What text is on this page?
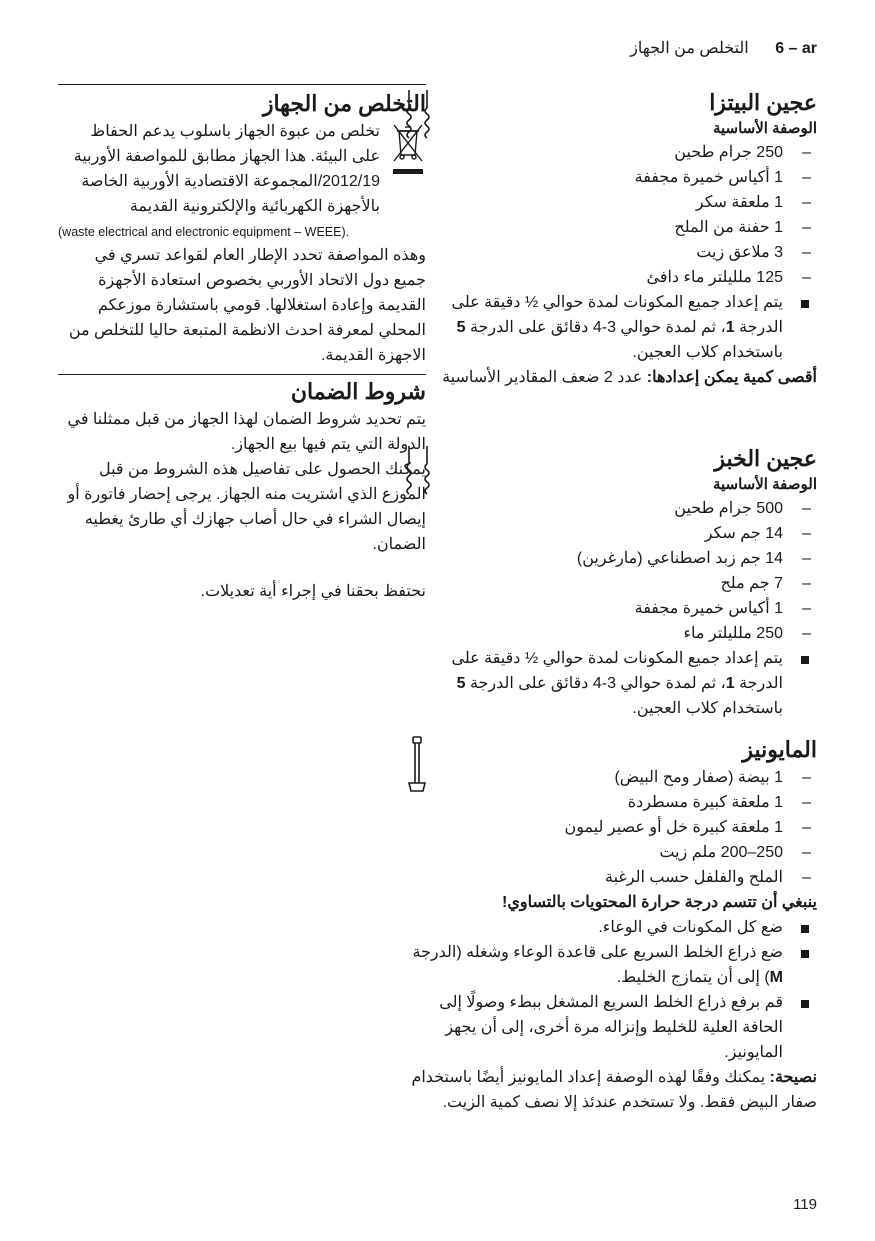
6 – ar التخلص من الجهاز
عجين البيتزا
الوصفة الأساسية
– 250 جرام طحين
– 1 أكياس خميرة مجففة
– 1 ملعقة سكر
– 1 حفنة من الملح
– 3 ملاعق زيت
– 125 ملليلتر ماء دافئ
يتم إعداد جميع المكونات لمدة حوالي ½ دقيقة على الدرجة 1، ثم لمدة حوالي 3-4 دقائق على الدرجة 5 باستخدام كلاب العجين.
أقصى كمية يمكن إعدادها: عدد 2 ضعف المقادير الأساسية
عجين الخبز
الوصفة الأساسية
– 500 جرام طحين
– 14 جم سكر
– 14 جم زبد اصطناعي (مارغرين)
– 7 جم ملح
– 1 أكياس خميرة مجففة
– 250 ملليلتر ماء
يتم إعداد جميع المكونات لمدة حوالي ½ دقيقة على الدرجة 1، ثم لمدة حوالي 3-4 دقائق على الدرجة 5 باستخدام كلاب العجين.
المايونيز
– 1 بيضة (صفار ومح البيض)
– 1 ملعقة كبيرة مسطردة
– 1 ملعقة كبيرة خل أو عصير ليمون
– 250–200 ملم زيت
– الملح والفلفل حسب الرغبة
ينبغي أن تتسم درجة حرارة المحتويات بالتساوي!
ضع كل المكونات في الوعاء.
ضع ذراع الخلط السريع على قاعدة الوعاء وشغله (الدرجة M) إلى أن يتمازج الخليط.
قم برفع ذراع الخلط السريع المشغل ببطء وصولًا إلى الحافة العلية للخليط وإنزاله مرة أخرى، إلى أن يجهز المايونيز.
نصيحة: يمكنك وفقًا لهذه الوصفة إعداد المايونيز أيضًا باستخدام صفار البيض فقط. ولا تستخدم عندئذ إلا نصف كمية الزيت.
التخلص من الجهاز
تخلص من عبوة الجهاز باسلوب يدعم الحفاظ على البيئة. هذا الجهاز مطابق للمواصفة الأوربية 2012/19/المجموعة الاقتصادية الأوربية الخاصة بالأجهزة الكهربائية والإلكترونية القديمة
(waste electrical and electronic equipment – WEEE).
وهذه المواصفة تحدد الإطار العام لقواعد تسري في جميع دول الاتحاد الأوربي بخصوص استعادة الأجهزة القديمة وإعادة استغلالها. قومي باستشارة موزعكم المحلي لمعرفة احدث الانظمة المتبعة حاليا للتخلص من الاجهزة القديمة.
شروط الضمان
يتم تحديد شروط الضمان لهذا الجهاز من قبل ممثلنا في الدولة التي يتم فيها بيع الجهاز.
يمكنك الحصول على تفاصيل هذه الشروط من قبل الموزع الذي اشتريت منه الجهاز. يرجى إحضار فاتورة أو إيصال الشراء في حال أصاب جهازك أي طارئ يغطيه الضمان.
نحتفظ بحقنا في إجراء أية تعديلات.
119
